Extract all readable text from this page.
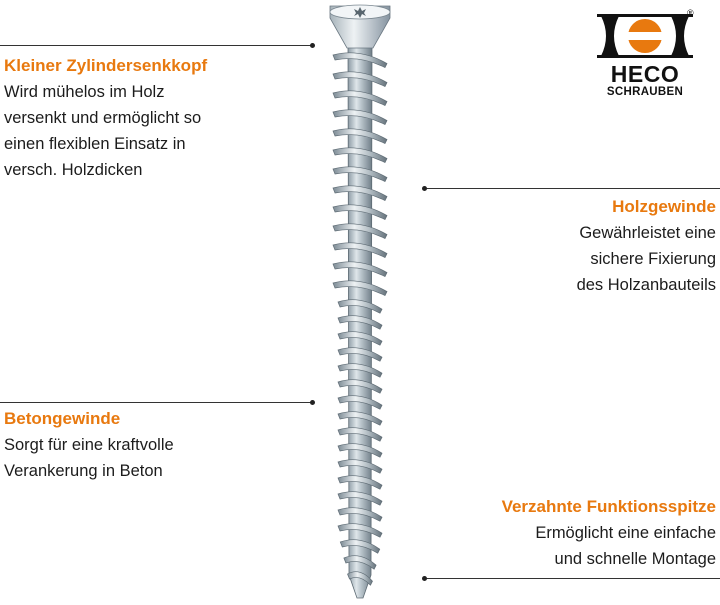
®
HECO
SCHRAUBEN
Kleiner Zylindersenkkopf
Wird mühelos im Holz
versenkt und ermöglicht so
einen flexiblen Einsatz in
versch. Holzdicken
Holzgewinde
Gewährleistet eine
sichere Fixierung
des Holzanbauteils
Betongewinde
Sorgt für eine kraftvolle
Verankerung in Beton
Verzahnte Funktionsspitze
Ermöglicht eine einfache
und schnelle Montage
